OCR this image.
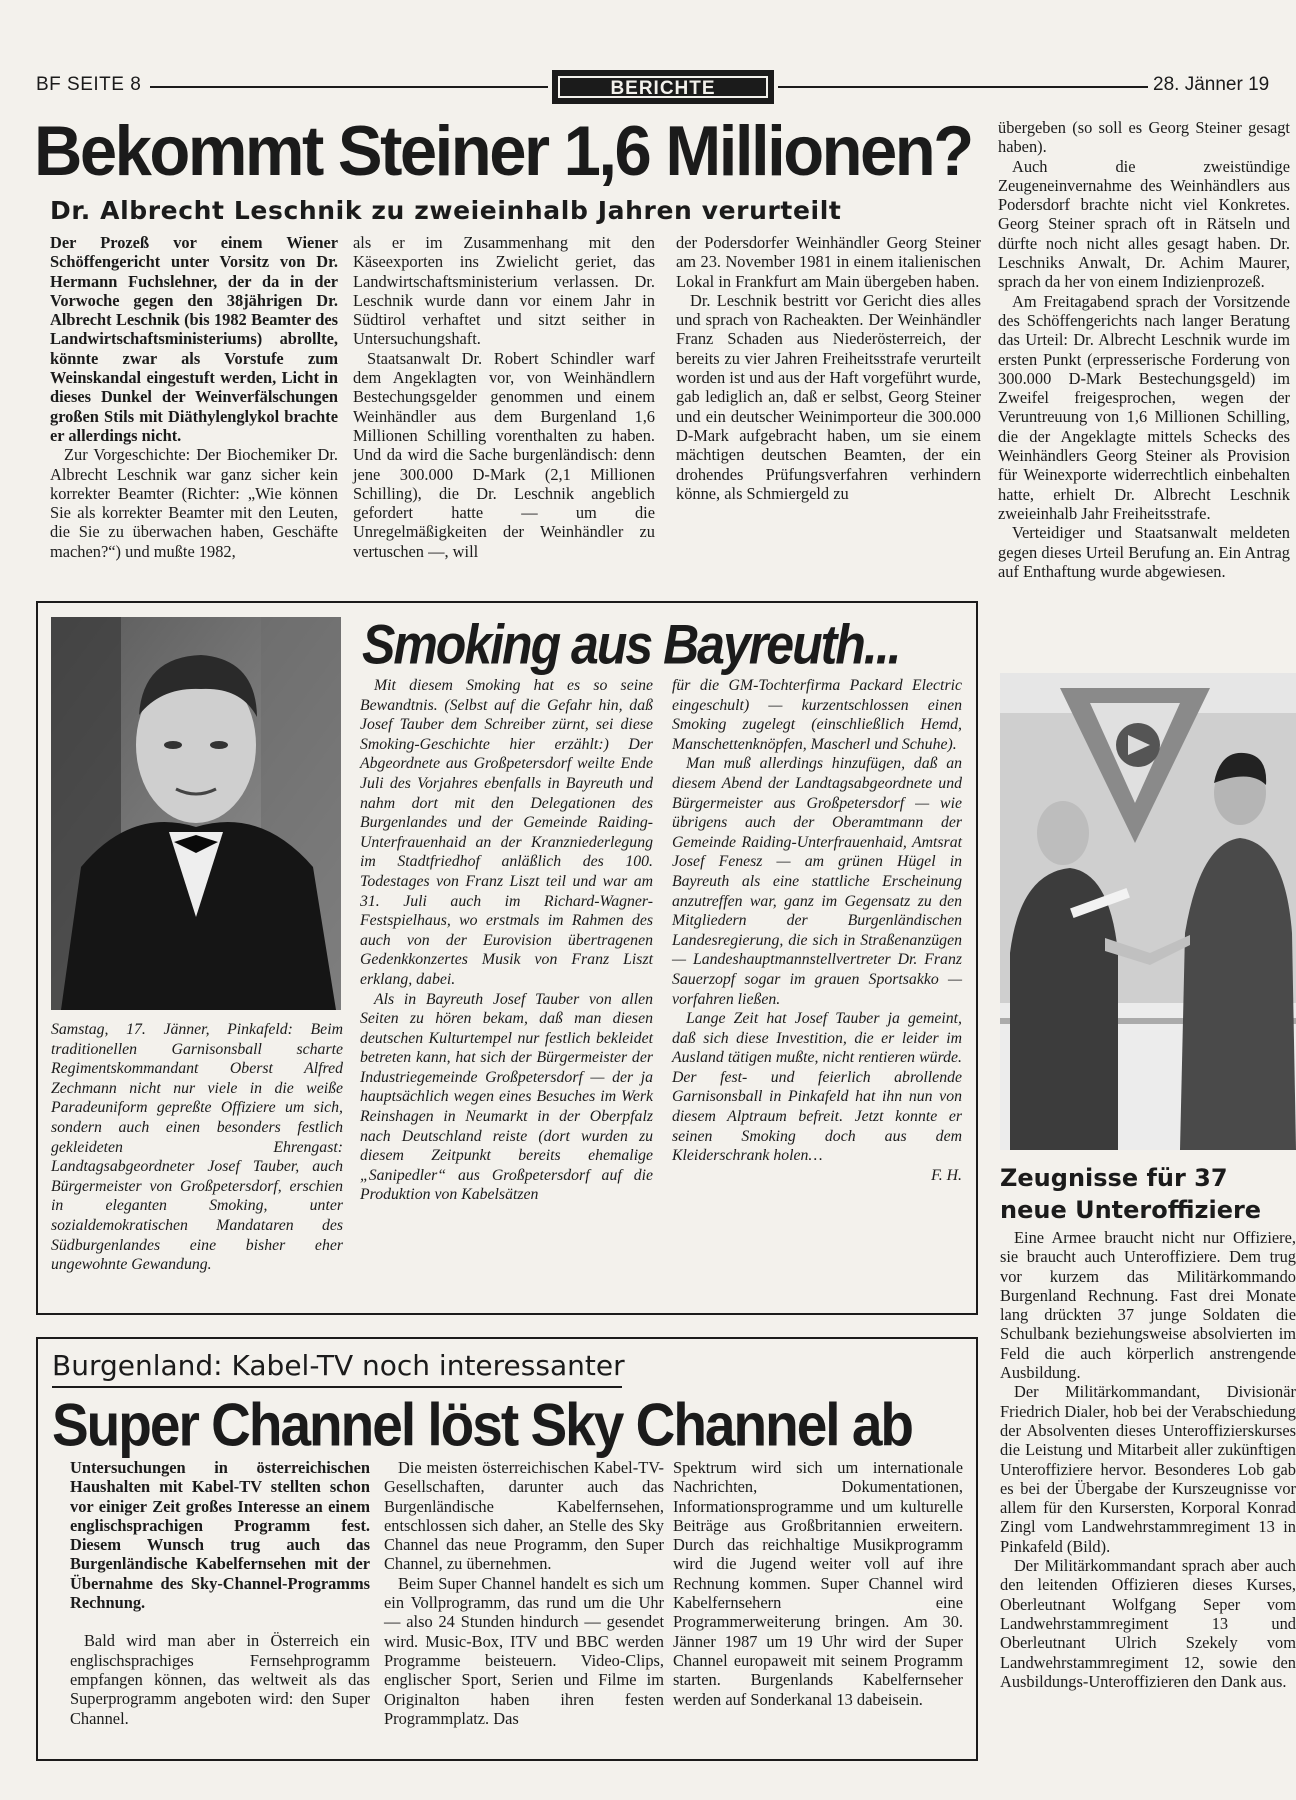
BF SEITE 8	BERICHTE	28. Jänner 19
Bekommt Steiner 1,6 Millionen?
Dr. Albrecht Leschnik zu zweieinhalb Jahren verurteilt

Der Prozeß vor einem Wiener Schöffengericht unter Vorsitz von Dr. Hermann Fuchslehner, der da in der Vorwoche gegen den 38jährigen Dr. Albrecht Leschnik (bis 1982 Beamter des Landwirtschaftsministeriums) abrollte, könnte zwar als Vorstufe zum Weinskandal eingestuft werden, Licht in dieses Dunkel der Weinverfälschungen großen Stils mit Diäthylenglykol brachte er allerdings nicht.

Zur Vorgeschichte: Der Biochemiker Dr. Albrecht Leschnik war ganz sicher kein korrekter Beamter (Richter: „Wie können Sie als korrekter Beamter mit den Leuten, die Sie zu überwachen haben, Geschäfte machen?“) und mußte 1982,

als er im Zusammenhang mit den Käseexporten ins Zwielicht geriet, das Landwirtschaftsministerium verlassen. Dr. Leschnik wurde dann vor einem Jahr in Südtirol verhaftet und sitzt seither in Untersuchungshaft.

Staatsanwalt Dr. Robert Schindler warf dem Angeklagten vor, von Weinhändlern Bestechungsgelder genommen und einem Weinhändler aus dem Burgenland 1,6 Millionen Schilling vorenthalten zu haben. Und da wird die Sache burgenländisch: denn jene 300.000 D-Mark (2,1 Millionen Schilling), die Dr. Leschnik angeblich gefordert hatte — um die Unregelmäßigkeiten der Weinhändler zu vertuschen —, will

der Podersdorfer Weinhändler Georg Steiner am 23. November 1981 in einem italienischen Lokal in Frankfurt am Main übergeben haben.

Dr. Leschnik bestritt vor Gericht dies alles und sprach von Racheakten. Der Weinhändler Franz Schaden aus Niederösterreich, der bereits zu vier Jahren Freiheitsstrafe verurteilt worden ist und aus der Haft vorgeführt wurde, gab lediglich an, daß er selbst, Georg Steiner und ein deutscher Weinimporteur die 300.000 D-Mark aufgebracht haben, um sie einem mächtigen deutschen Beamten, der ein drohendes Prüfungsverfahren verhindern könne, als Schmiergeld zu

übergeben (so soll es Georg Steiner gesagt haben).

Auch die zweistündige Zeugeneinvernahme des Weinhändlers aus Podersdorf brachte nicht viel Konkretes. Georg Steiner sprach oft in Rätseln und dürfte noch nicht alles gesagt haben. Dr. Leschniks Anwalt, Dr. Achim Maurer, sprach da her von einem Indizienprozeß.

Am Freitagabend sprach der Vorsitzende des Schöffengerichts nach langer Beratung das Urteil: Dr. Albrecht Leschnik wurde im ersten Punkt (erpresserische Forderung von 300.000 D-Mark Bestechungsgeld) im Zweifel freigesprochen, wegen der Veruntreuung von 1,6 Millionen Schilling, die der Angeklagte mittels Schecks des Weinhändlers Georg Steiner als Provision für Weinexporte widerrechtlich einbehalten hatte, erhielt Dr. Albrecht Leschnik zweieinhalb Jahr Freiheitsstrafe.

Verteidiger und Staatsanwalt meldeten gegen dieses Urteil Berufung an. Ein Antrag auf Enthaftung wurde abgewiesen.

Samstag, 17. Jänner, Pinkafeld: Beim traditionellen Garnisonsball scharte Regimentskommandant Oberst Alfred Zechmann nicht nur viele in die weiße Paradeuniform gepreßte Offiziere um sich, sondern auch einen besonders festlich gekleideten Ehrengast: Landtagsabgeordneter Josef Tauber, auch Bürgermeister von Großpetersdorf, erschien in eleganten Smoking, unter sozialdemokratischen Mandataren des Südburgenlandes eine bisher eher ungewohnte Gewandung.
Smoking aus Bayreuth...

Mit diesem Smoking hat es so seine Bewandtnis. (Selbst auf die Gefahr hin, daß Josef Tauber dem Schreiber zürnt, sei diese Smoking-Geschichte hier erzählt:) Der Abgeordnete aus Großpetersdorf weilte Ende Juli des Vorjahres ebenfalls in Bayreuth und nahm dort mit den Delegationen des Burgenlandes und der Gemeinde Raiding-Unterfrauenhaid an der Kranzniederlegung im Stadtfriedhof anläßlich des 100. Todestages von Franz Liszt teil und war am 31. Juli auch im Richard-Wagner-Festspielhaus, wo erstmals im Rahmen des auch von der Eurovision übertragenen Gedenkkonzertes Musik von Franz Liszt erklang, dabei.

Als in Bayreuth Josef Tauber von allen Seiten zu hören bekam, daß man diesen deutschen Kulturtempel nur festlich bekleidet betreten kann, hat sich der Bürgermeister der Industriegemeinde Großpetersdorf — der ja hauptsächlich wegen eines Besuches im Werk Reinshagen in Neumarkt in der Oberpfalz nach Deutschland reiste (dort wurden zu diesem Zeitpunkt bereits ehemalige „Sanipedler“ aus Großpetersdorf auf die Produktion von Kabelsätzen

für die GM-Tochterfirma Packard Electric eingeschult) — kurzentschlossen einen Smoking zugelegt (einschließlich Hemd, Manschettenknöpfen, Mascherl und Schuhe).

Man muß allerdings hinzufügen, daß an diesem Abend der Landtagsabgeordnete und Bürgermeister aus Großpetersdorf — wie übrigens auch der Oberamtmann der Gemeinde Raiding-Unterfrauenhaid, Amtsrat Josef Fenesz — am grünen Hügel in Bayreuth als eine stattliche Erscheinung anzutreffen war, ganz im Gegensatz zu den Mitgliedern der Burgenländischen Landesregierung, die sich in Straßenanzügen — Landeshauptmannstellvertreter Dr. Franz Sauerzopf sogar im grauen Sportsakko — vorfahren ließen.

Lange Zeit hat Josef Tauber ja gemeint, daß sich diese Investition, die er leider im Ausland tätigen mußte, nicht rentieren würde. Der fest- und feierlich abrollende Garnisonsball in Pinkafeld hat ihn nun von diesem Alptraum befreit. Jetzt konnte er seinen Smoking doch aus dem Kleiderschrank holen…

F. H.

Burgenland: Kabel-TV noch interessanter
Super Channel löst Sky Channel ab

Untersuchungen in österreichischen Haushalten mit Kabel-TV stellten schon vor einiger Zeit großes Interesse an einem englischsprachigen Programm fest. Diesem Wunsch trug auch das Burgenländische Kabelfernsehen mit der Übernahme des Sky-Channel-Programms Rechnung.

Bald wird man aber in Österreich ein englischsprachiges Fernsehprogramm empfangen können, das weltweit als das Superprogramm angeboten wird: den Super Channel.

Die meisten österreichischen Kabel-TV-Gesellschaften, darunter auch das Burgenländische Kabelfernsehen, entschlossen sich daher, an Stelle des Sky Channel das neue Programm, den Super Channel, zu übernehmen.

Beim Super Channel handelt es sich um ein Vollprogramm, das rund um die Uhr — also 24 Stunden hindurch — gesendet wird. Music-Box, ITV und BBC werden Programme beisteuern. Video-Clips, englischer Sport, Serien und Filme im Originalton haben ihren festen Programmplatz. Das

Spektrum wird sich um internationale Nachrichten, Dokumentationen, Informationsprogramme und um kulturelle Beiträge aus Großbritannien erweitern. Durch das reichhaltige Musikprogramm wird die Jugend weiter voll auf ihre Rechnung kommen. Super Channel wird Kabelfernsehern eine Programmerweiterung bringen. Am 30. Jänner 1987 um 19 Uhr wird der Super Channel europaweit mit seinem Programm starten. Burgenlands Kabelfernseher werden auf Sonderkanal 13 dabeisein.

Zeugnisse für 37 neue Unteroffiziere

Eine Armee braucht nicht nur Offiziere, sie braucht auch Unteroffiziere. Dem trug vor kurzem das Militärkommando Burgenland Rechnung. Fast drei Monate lang drückten 37 junge Soldaten die Schulbank beziehungsweise absolvierten im Feld die auch körperlich anstrengende Ausbildung.

Der Militärkommandant, Divisionär Friedrich Dialer, hob bei der Verabschiedung der Absolventen dieses Unteroffizierskurses die Leistung und Mitarbeit aller zukünftigen Unteroffiziere hervor. Besonderes Lob gab es bei der Übergabe der Kurszeugnisse vor allem für den Kursersten, Korporal Konrad Zingl vom Landwehrstammregiment 13 in Pinkafeld (Bild).

Der Militärkommandant sprach aber auch den leitenden Offizieren dieses Kurses, Oberleutnant Wolfgang Seper vom Landwehrstammregiment 13 und Oberleutnant Ulrich Szekely vom Landwehrstammregiment 12, sowie den Ausbildungs-Unteroffizieren den Dank aus.
